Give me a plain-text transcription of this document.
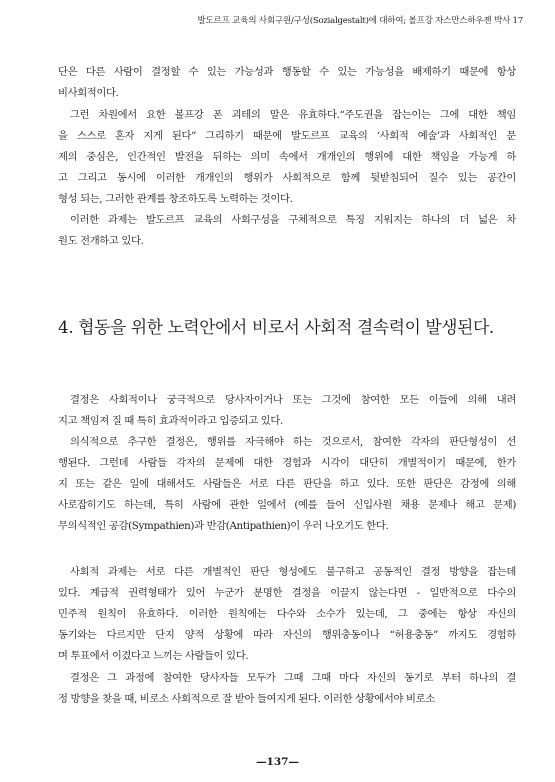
발도르프 교육의 사회구원/구성(Sozialgestalt)에 대하여; 볼프강 자스만스하우젠 박사 17
단은 다른 사람이 결정할 수 있는 가능성과 행동할 수 있는 가능성을 배제하기 때문에 항상
비사회적이다.
그런 차원에서 요한 볼프강 폰 괴테의 말은 유효하다.“주도권을 잡는이는 그에 대한 책임
을 스스로 혼자 지게 된다” 그리하기 때문에 발도르프 교육의 ‘사회적 예술’과 사회적인 문
제의 중심은, 인간적인 발전을 뒤하는 의미 속에서 개개인의 행위에 대한 책임을 가능게 하
고 그리고 동시에 이러한 개개인의 행위가 사회적으로 함께 뒷받침되어 질수 있는 공간이
형성 되는, 그러한 관계를 창조하도록 노력하는 것이다.
이러한 과제는 발도르프 교육의 사회구성을 구체적으로 특징 지워지는 하나의 더 넓은 차
원도 전개하고 있다.
4. 협동을 위한 노력안에서 비로서 사회적 결속력이 발생된다.
결정은 사회적이나 궁극적으로 당사자이거나 또는 그것에 참여한 모든 이들에 의해 내려
지고 책임져 질 때 특히 효과적이라고 입증되고 있다.
의식적으로 추구한 결정은, 행위를 자극해야 하는 것으로서, 참여한 각자의 판단형성이 선
행된다. 그런데 사람들 각자의 문제에 대한 경험과 시각이 대단히 개별적이기 때문에, 한가
지 또는 같은 일에 대해서도 사람들은 서로 다른 판단을 하고 있다. 또한 판단은 감정에 의해
사로잡히기도 하는데, 특히 사람에 관한 일에서 (예를 들어 신입사원 채용 문제나 해고 문제)
무의식적인 공감(Sympathien)과 반감(Antipathien)이 우러 나오기도 한다.
사회적 과제는 서로 다른 개별적인 판단 형성에도 불구하고 공동적인 결정 방향을 잡는데
있다. 계급적 권력형태가 있어 누군가 분명한 결정을 이끌지 않는다면 - 일반적으로 다수의
민주적 원칙이 유효하다. 이러한 원칙에는 다수와 소수가 있는데, 그 중에는 항상 자신의
동기와는 다르지만 단지 양적 상황에 따라 자신의 행위충동이나 “허용충동” 까지도 경험하
며 투표에서 이겼다고 느끼는 사람들이 있다.
결정은 그 과정에 참여한 당사자들 모두가 그때 그때 마다 자신의 동기로 부터 하나의 결
정 방향을 찾을 때, 비로소 사회적으로 잘 받아 들여지게 된다. 이러한 상황에서야 비로소
—137—
